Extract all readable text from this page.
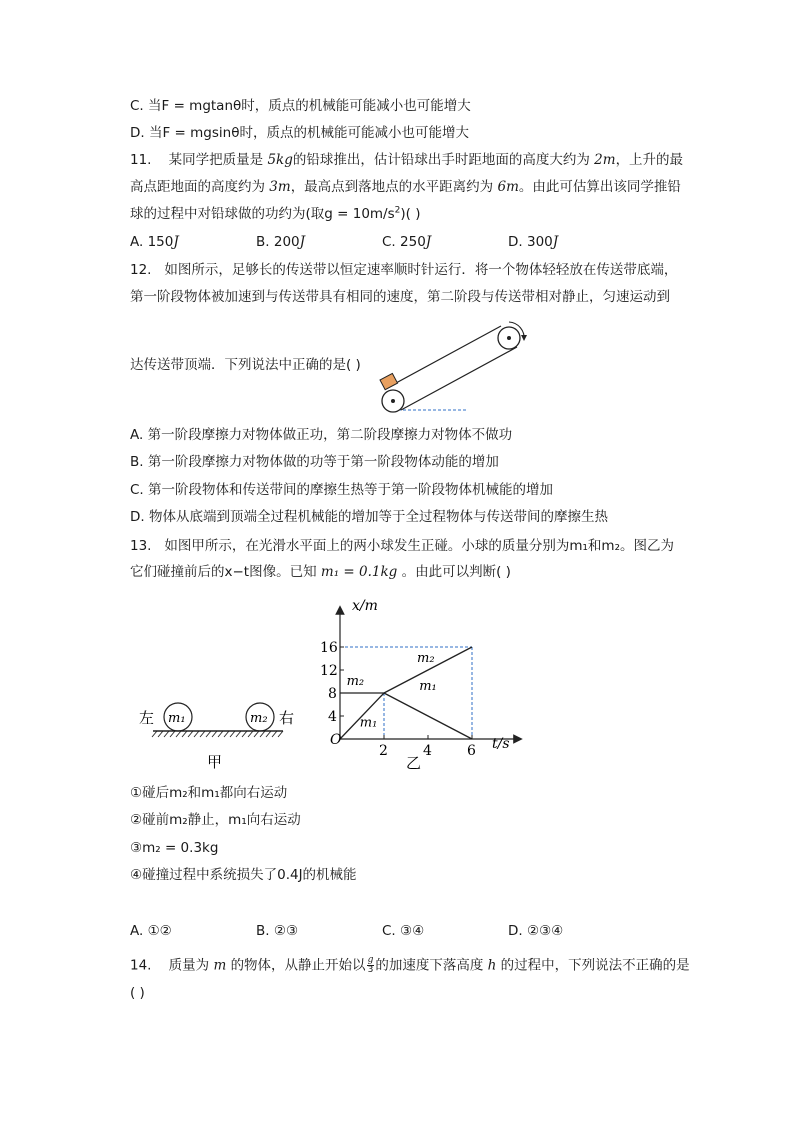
C. 当F = mgtanθ时，质点的机械能可能减小也可能增大
D. 当F = mgsinθ时，质点的机械能可能减小也可能增大
11. 某同学把质量是 5kg的铅球推出，估计铅球出手时距地面的高度大约为 2m，上升的最
高点距地面的高度约为 3m，最高点到落地点的水平距离约为 6m。由此可估算出该同学推铅
球的过程中对铅球做的功约为(取$g = 10m/s^2$)( )
A. 150J	B. 200J	C. 250J	D. 300J
12. 如图所示，足够长的传送带以恒定速率顺时针运行．将一个物体轻轻放在传送带底端，
第一阶段物体被加速到与传送带具有相同的速度，第二阶段与传送带相对静止，匀速运动到
达传送带顶端．下列说法中正确的是( )
A. 第一阶段摩擦力对物体做正功，第二阶段摩擦力对物体不做功
B. 第一阶段摩擦力对物体做的功等于第一阶段物体动能的增加
C. 第一阶段物体和传送带间的摩擦生热等于第一阶段物体机械能的增加
D. 物体从底端到顶端全过程机械能的增加等于全过程物体与传送带间的摩擦生热
13. 如图甲所示，在光滑水平面上的两小球发生正碰。小球的质量分别为m₁和m₂。图乙为
它们碰撞前后的x−t图像。已知 m₁ = 0.1kg 。由此可以判断( )
左 m₁	m₂ 右
甲
2	4	6
4
8
12
16
m₁
m₂
m₂
m₁
x/m
t/s
O
乙
①碰后m₂和m₁都向右运动
②碰前m₂静止，m₁向右运动
③m₂ = 0.3kg
④碰撞过程中系统损失了0.4J的机械能
A. ①②	B. ②③	C. ③④	D. ②③④
14. 质量为 m 的物体，从静止开始以 $\frac{g}{3}$ 的加速度下落高度 h 的过程中，下列说法不正确的是
( )
